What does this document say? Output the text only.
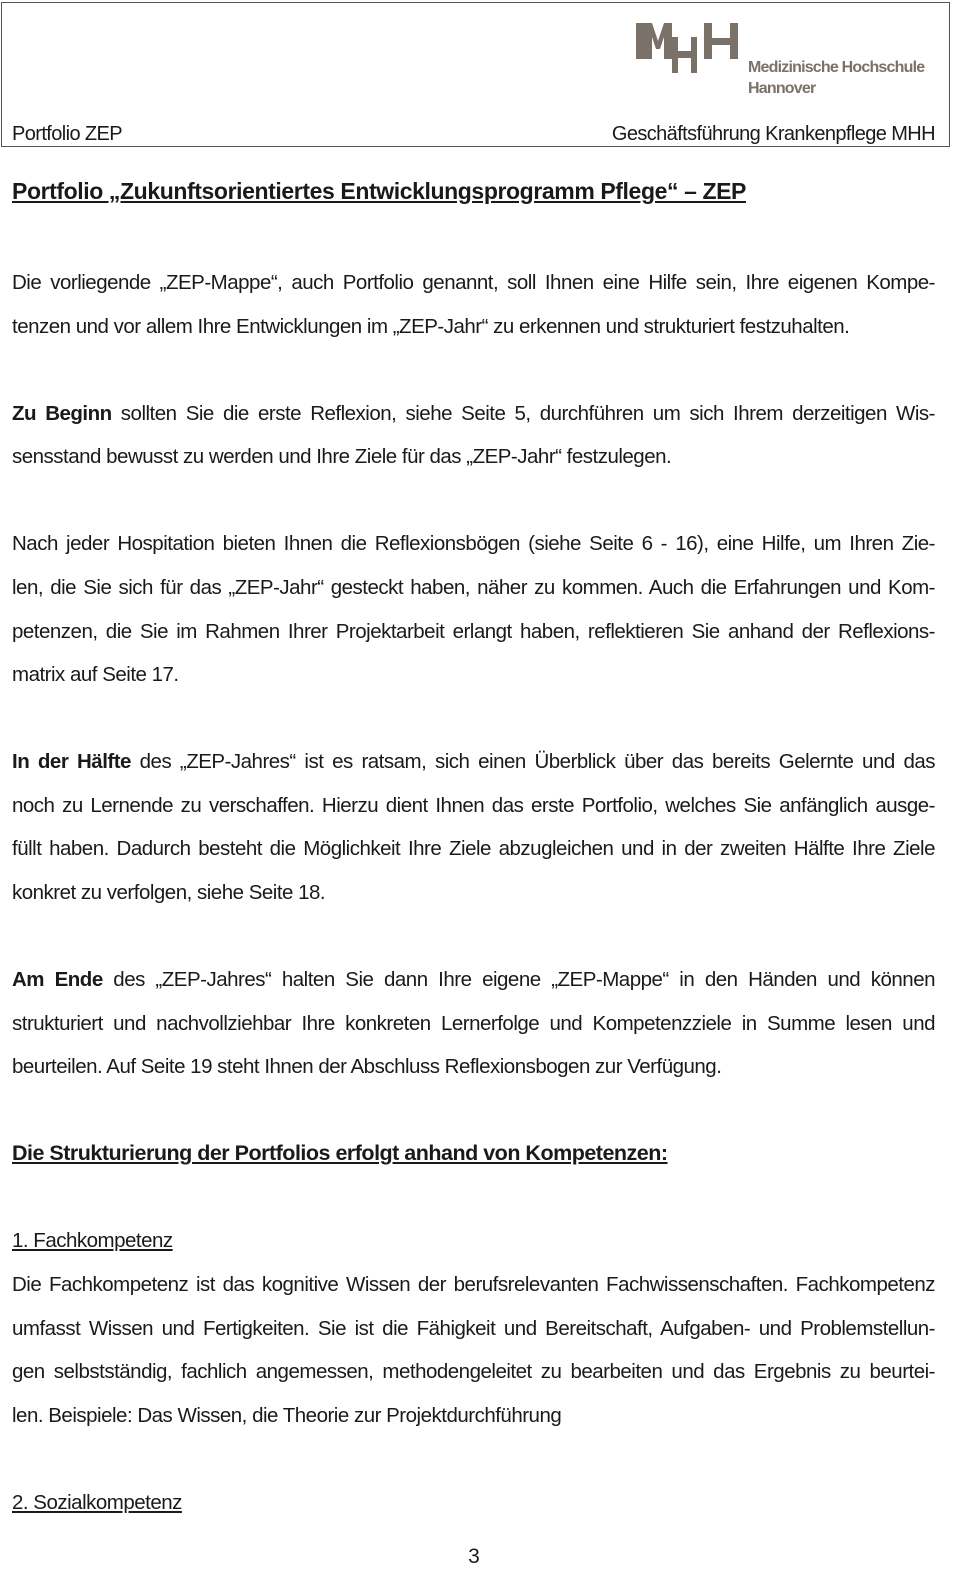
Medizinische Hochschule
Hannover
Portfolio ZEP	Geschäftsführung Krankenpflege MHH
Portfolio „Zukunftsorientiertes Entwicklungsprogramm Pflege“ – ZEP
Die vorliegende „ZEP-Mappe“, auch Portfolio genannt, soll Ihnen eine Hilfe sein, Ihre eigenen Kompe-
tenzen und vor allem Ihre Entwicklungen im „ZEP-Jahr“ zu erkennen und strukturiert festzuhalten.
Zu Beginn sollten Sie die erste Reflexion, siehe Seite 5, durchführen um sich Ihrem derzeitigen Wis-
sensstand bewusst zu werden und Ihre Ziele für das „ZEP-Jahr“ festzulegen.
Nach jeder Hospitation bieten Ihnen die Reflexionsbögen (siehe Seite 6 - 16), eine Hilfe, um Ihren Zie-
len, die Sie sich für das „ZEP-Jahr“ gesteckt haben, näher zu kommen. Auch die Erfahrungen und Kom-
petenzen, die Sie im Rahmen Ihrer Projektarbeit erlangt haben, reflektieren Sie anhand der Reflexions-
matrix auf Seite 17.
In der Hälfte des „ZEP-Jahres“ ist es ratsam, sich einen Überblick über das bereits Gelernte und das
noch zu Lernende zu verschaffen. Hierzu dient Ihnen das erste Portfolio, welches Sie anfänglich ausge-
füllt haben. Dadurch besteht die Möglichkeit Ihre Ziele abzugleichen und in der zweiten Hälfte Ihre Ziele
konkret zu verfolgen, siehe Seite 18.
Am Ende des „ZEP-Jahres“ halten Sie dann Ihre eigene „ZEP-Mappe“ in den Händen und können
strukturiert und nachvollziehbar Ihre konkreten Lernerfolge und Kompetenzziele in Summe lesen und
beurteilen. Auf Seite 19 steht Ihnen der Abschluss Reflexionsbogen zur Verfügung.
Die Strukturierung der Portfolios erfolgt anhand von Kompetenzen:
1. Fachkompetenz
Die Fachkompetenz ist das kognitive Wissen der berufsrelevanten Fachwissenschaften. Fachkompetenz
umfasst Wissen und Fertigkeiten. Sie ist die Fähigkeit und Bereitschaft, Aufgaben- und Problemstellun-
gen selbstständig, fachlich angemessen, methodengeleitet zu bearbeiten und das Ergebnis zu beurtei-
len. Beispiele: Das Wissen, die Theorie zur Projektdurchführung
2. Sozialkompetenz
3
